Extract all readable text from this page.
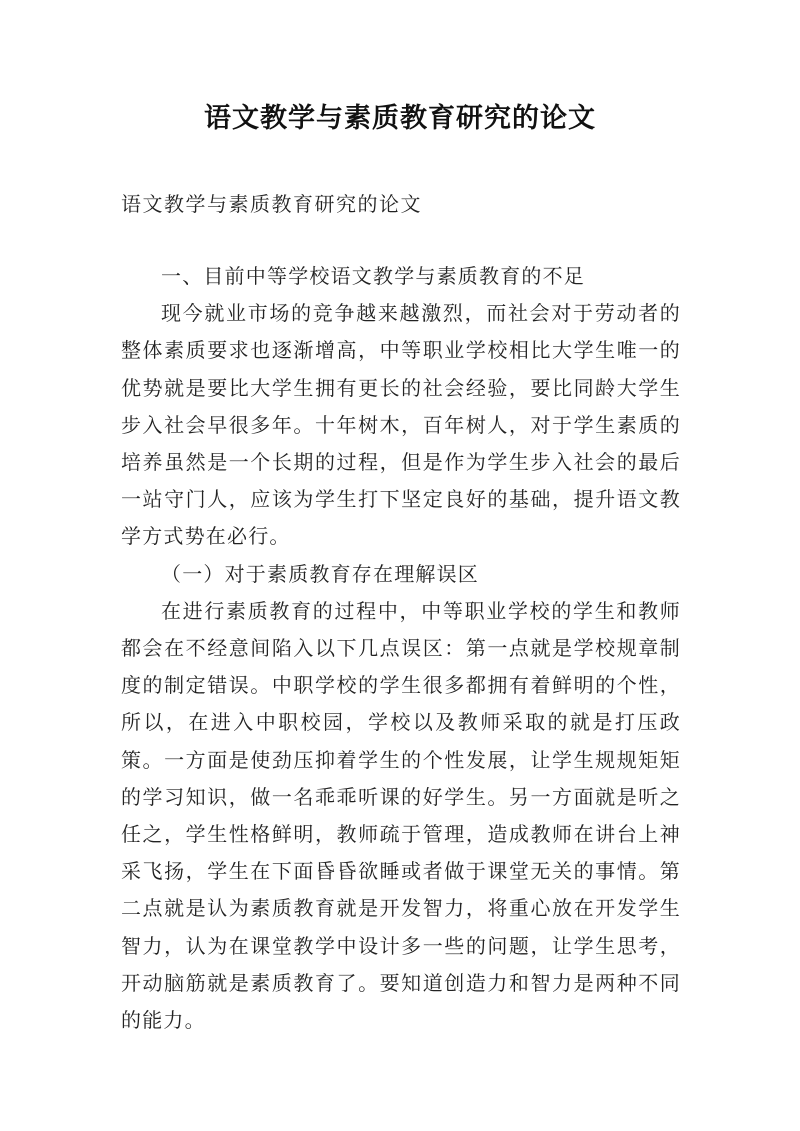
语文教学与素质教育研究的论文
语文教学与素质教育研究的论文

一、目前中等学校语文教学与素质教育的不足

现今就业市场的竞争越来越激烈，而社会对于劳动者的整体素质要求也逐渐增高，中等职业学校相比大学生唯一的优势就是要比大学生拥有更长的社会经验，要比同龄大学生步入社会早很多年。十年树木，百年树人，对于学生素质的培养虽然是一个长期的过程，但是作为学生步入社会的最后一站守门人，应该为学生打下坚定良好的基础，提升语文教学方式势在必行。

（一）对于素质教育存在理解误区

在进行素质教育的过程中，中等职业学校的学生和教师都会在不经意间陷入以下几点误区：第一点就是学校规章制度的制定错误。中职学校的学生很多都拥有着鲜明的个性，所以，在进入中职校园，学校以及教师采取的就是打压政策。一方面是使劲压抑着学生的个性发展，让学生规规矩矩的学习知识，做一名乖乖听课的好学生。另一方面就是听之任之，学生性格鲜明，教师疏于管理，造成教师在讲台上神采飞扬，学生在下面昏昏欲睡或者做于课堂无关的事情。第二点就是认为素质教育就是开发智力，将重心放在开发学生智力，认为在课堂教学中设计多一些的问题，让学生思考，开动脑筋就是素质教育了。要知道创造力和智力是两种不同的能力。
